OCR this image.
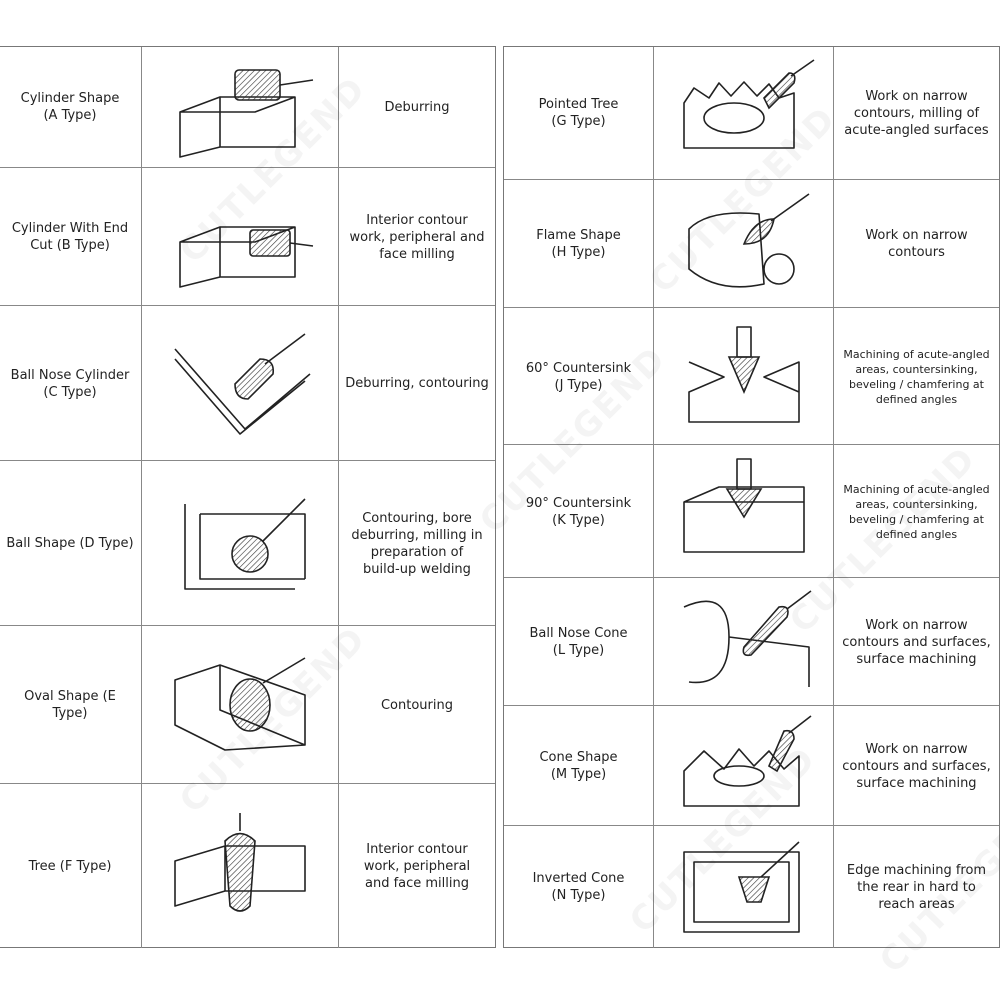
Cylinder Shape
(A Type)
Deburring
Cylinder With End
Cut (B Type)
Interior contour
work, peripheral and
face milling
Ball Nose Cylinder
(C Type)
Deburring, contouring
Ball Shape (D Type)
Contouring, bore
deburring, milling in
preparation of
build-up welding
Oval Shape (E Type)
Contouring
Tree (F Type)
Interior contour
work, peripheral
and face milling
Pointed Tree
(G Type)
Work on narrow
contours, milling of
acute-angled surfaces
Flame Shape
(H Type)
Work on narrow
contours
60° Countersink
(J Type)
Machining of acute-angled
areas, countersinking,
beveling / chamfering at
defined angles
90° Countersink
(K Type)
Machining of acute-angled
areas, countersinking,
beveling / chamfering at
defined angles
Ball Nose Cone
(L Type)
Work on narrow
contours and surfaces,
surface machining
Cone Shape
(M Type)
Work on narrow
contours and surfaces,
surface machining
Inverted Cone
(N Type)
Edge machining from
the rear in hard to
reach areas
